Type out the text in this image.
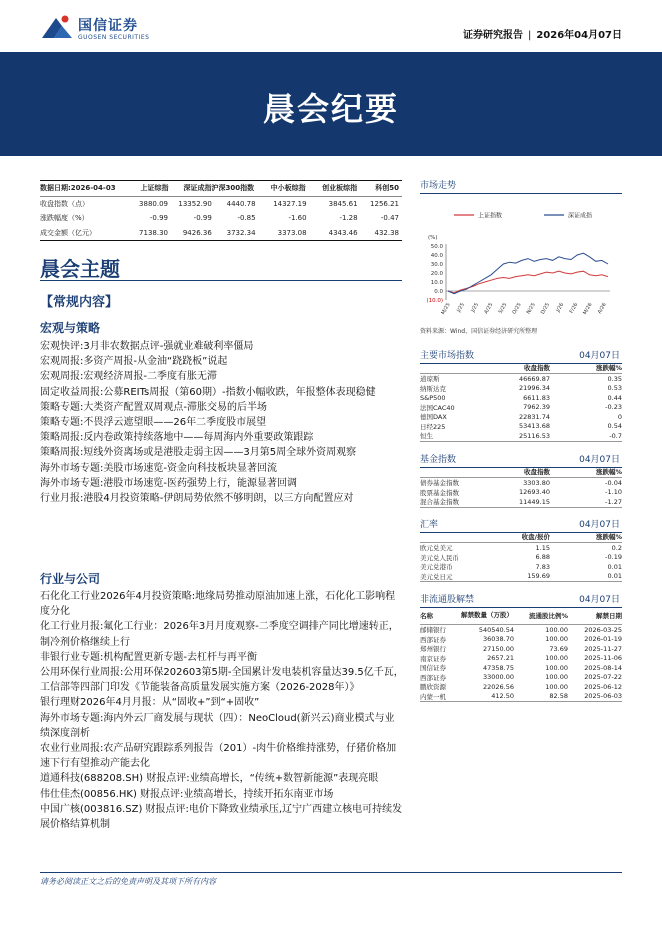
国信证券
GUOSEN SECURITIES	证券研究报告 | 2026年04月07日
晨会纪要
数据日期:2026-04-03	上证综指	深证成指沪深300指数	中小板综指	创业板综指	科创50
收盘指数（点）	3880.09	13352.90	4440.78	14327.19	3845.61	1256.21
涨跌幅度（%）	-0.99	-0.99	-0.85	-1.60	-1.28	-0.47
成交金额（亿元）	7138.30	9426.36	3732.34	3373.08	4343.46	432.38
晨会主题
【常规内容】
宏观与策略
宏观快评:3月非农数据点评-强就业难破利率僵局
宏观周报:多资产周报-从金油“跷跷板”说起
宏观周报:宏观经济周报-二季度有胀无滞
固定收益周报:公募REITs周报（第60期）-指数小幅收跌，年报整体表现稳健
策略专题:大类资产配置双周观点-滞胀交易的后半场
策略专题:不畏浮云遮望眼——26年二季度股市展望
策略周报:反内卷政策持续落地中——每周海内外重要政策跟踪
策略周报:短线外资离场或是港股走弱主因——3月第5周全球外资周观察
海外市场专题:美股市场速览-资金向科技板块显著回流
海外市场专题:港股市场速览-医药强势上行，能源显著回调
行业月报:港股4月投资策略-伊朗局势依然不够明朗，以三方向配置应对
行业与公司
石化化工行业2026年4月投资策略:地缘局势推动原油加速上涨，石化化工影响程度分化
化工行业月报:氟化工行业：2026年3月月度观察-二季度空调排产同比增速转正，制冷剂价格继续上行
非银行业专题:机构配置更新专题-去杠杆与再平衡
公用环保行业周报:公用环保202603第5期-全国累计发电装机容量达39.5亿千瓦，工信部等四部门印发《节能装备高质量发展实施方案（2026-2028年）》
银行理财2026年4月月报：从“固收+”到“+固收”
海外市场专题:海内外云厂商发展与现状（四）：NeoCloud(新兴云)商业模式与业绩深度剖析
农业行业周报:农产品研究跟踪系列报告（201）-肉牛价格维持涨势，仔猪价格加速下行有望推动产能去化
道通科技(688208.SH) 财报点评:业绩高增长，“传统+数智新能源”表现亮眼
伟仕佳杰(00856.HK) 财报点评:业绩高增长，持续开拓东南亚市场
中国广核(003816.SZ) 财报点评:电价下降致业绩承压,辽宁广西建立核电可持续发展价格结算机制
市场走势
上证指数	深证成指
(%)
50.0
40.0
30.0
20.0
10.0
0.0
(10.0)
M/25 J/25 J/25 A/25 S/25 O/25 N/25 D/25 J/26 F/26 M/26 A/26
资料来源：Wind、国信证券经济研究所整理
主要市场指数	04月07日
收盘指数	涨跌幅%
道琼斯	46669.87	0.35
纳斯达克	21996.34	0.53
S&P500	6611.83	0.44
法国CAC40	7962.39	-0.23
德国DAX	22831.74	0
日经225	53413.68	0.54
恒生	25116.53	-0.7
基金指数	04月07日
收盘指数	涨跌幅%
债券基金指数	3303.80	-0.04
股票基金指数	12693.40	-1.10
混合基金指数	11449.15	-1.27
汇率	04月07日
收盘/报价	涨跌幅%
欧元兑美元	1.15	0.2
美元兑人民币	6.88	-0.19
美元兑港币	7.83	0.01
美元兑日元	159.69	0.01
非流通股解禁	04月07日
名称	解禁数量（万股）	流通股比例%	解禁日期
邮储银行	540540.54	100.00	2026-03-25
西部证券	36038.70	100.00	2026-01-19
郑州银行	27150.00	73.69	2025-11-27
南京证券	2657.21	100.00	2025-11-06
国信证券	47358.75	100.00	2025-08-14
西部证券	33000.00	100.00	2025-07-22
鹏欣资源	22026.56	100.00	2025-06-12
内蒙一机	412.50	82.58	2025-06-03
请务必阅读正文之后的免责声明及其项下所有内容
